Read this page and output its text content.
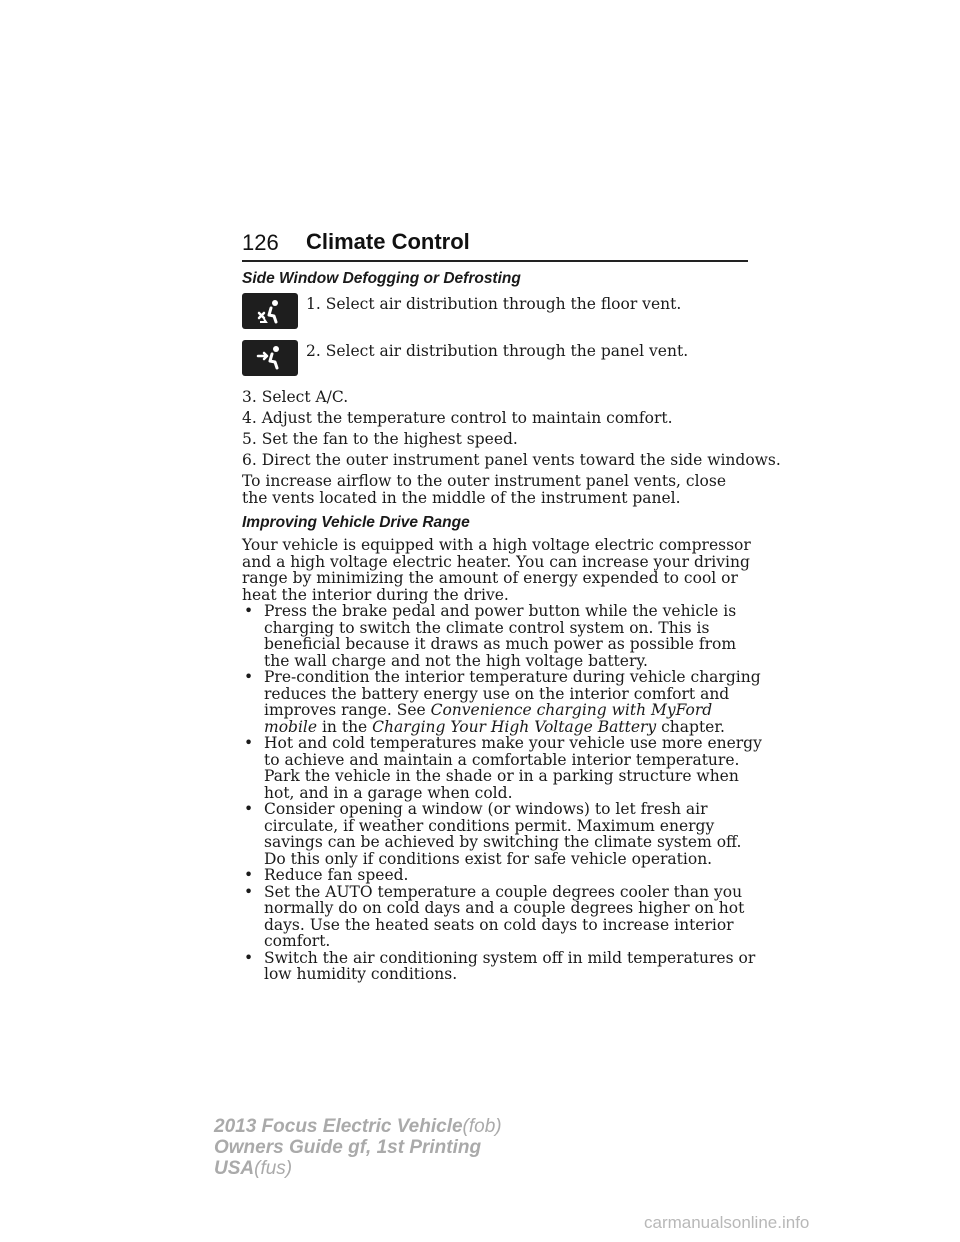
126 Climate Control
Side Window Defogging or Defrosting
1. Select air distribution through the floor vent.
2. Select air distribution through the panel vent.
3. Select A/C.
4. Adjust the temperature control to maintain comfort.
5. Set the fan to the highest speed.
6. Direct the outer instrument panel vents toward the side windows.
To increase airflow to the outer instrument panel vents, close the vents located in the middle of the instrument panel.
Improving Vehicle Drive Range
Your vehicle is equipped with a high voltage electric compressor and a high voltage electric heater. You can increase your driving range by minimizing the amount of energy expended to cool or heat the interior during the drive.
• Press the brake pedal and power button while the vehicle is charging to switch the climate control system on. This is beneficial because it draws as much power as possible from the wall charge and not the high voltage battery.
• Pre-condition the interior temperature during vehicle charging reduces the battery energy use on the interior comfort and improves range. See Convenience charging with MyFord mobile in the Charging Your High Voltage Battery chapter.
• Hot and cold temperatures make your vehicle use more energy to achieve and maintain a comfortable interior temperature. Park the vehicle in the shade or in a parking structure when hot, and in a garage when cold.
• Consider opening a window (or windows) to let fresh air circulate, if weather conditions permit. Maximum energy savings can be achieved by switching the climate system off. Do this only if conditions exist for safe vehicle operation.
• Reduce fan speed.
• Set the AUTO temperature a couple degrees cooler than you normally do on cold days and a couple degrees higher on hot days. Use the heated seats on cold days to increase interior comfort.
• Switch the air conditioning system off in mild temperatures or low humidity conditions.
2013 Focus Electric Vehicle(fob)
Owners Guide gf, 1st Printing
USA(fus)
carmanualsonline.info
